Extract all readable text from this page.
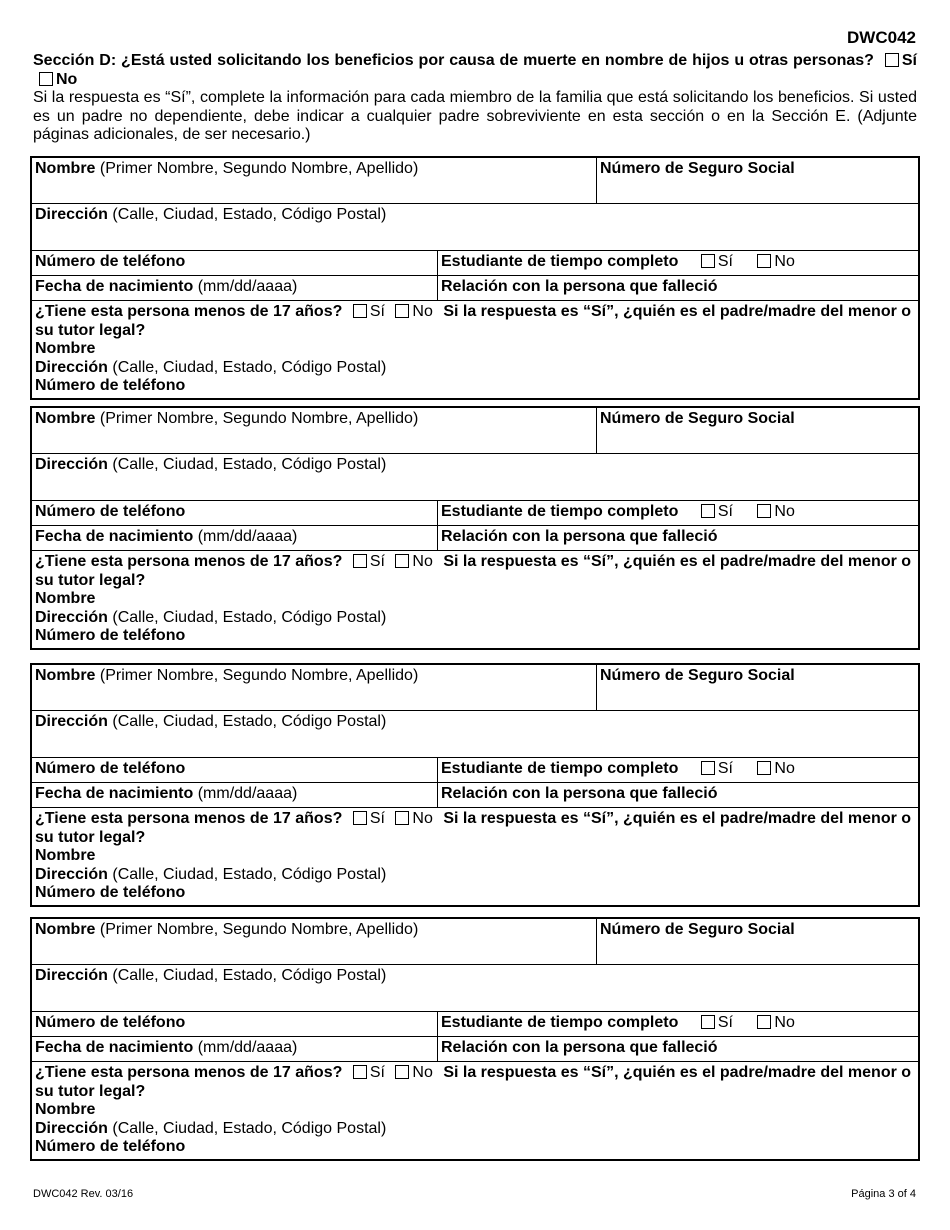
DWC042
Sección D: ¿Está usted solicitando los beneficios por causa de muerte en nombre de hijos u otras personas? Sí No
Si la respuesta es “Sí”, complete la información para cada miembro de la familia que está solicitando los beneficios. Si usted es un padre no dependiente, debe indicar a cualquier padre sobreviviente en esta sección o en la Sección E. (Adjunte páginas adicionales, de ser necesario.)
Nombre (Primer Nombre, Segundo Nombre, Apellido)	Número de Seguro Social
Dirección (Calle, Ciudad, Estado, Código Postal)
Número de teléfono	Estudiante de tiempo completo Sí	No
Fecha de nacimiento (mm/dd/aaaa)	Relación con la persona que falleció
¿Tiene esta persona menos de 17 años? Sí No Si la respuesta es “Sí”, ¿quién es el padre/madre del menor o su tutor legal?
Nombre
Dirección (Calle, Ciudad, Estado, Código Postal)
Número de teléfono
Nombre (Primer Nombre, Segundo Nombre, Apellido)	Número de Seguro Social
Dirección (Calle, Ciudad, Estado, Código Postal)
Número de teléfono	Estudiante de tiempo completo Sí	No
Fecha de nacimiento (mm/dd/aaaa)	Relación con la persona que falleció
¿Tiene esta persona menos de 17 años? Sí No Si la respuesta es “Sí”, ¿quién es el padre/madre del menor o su tutor legal?
Nombre
Dirección (Calle, Ciudad, Estado, Código Postal)
Número de teléfono
Nombre (Primer Nombre, Segundo Nombre, Apellido)	Número de Seguro Social
Dirección (Calle, Ciudad, Estado, Código Postal)
Número de teléfono	Estudiante de tiempo completo Sí	No
Fecha de nacimiento (mm/dd/aaaa)	Relación con la persona que falleció
¿Tiene esta persona menos de 17 años? Sí No Si la respuesta es “Sí”, ¿quién es el padre/madre del menor o su tutor legal?
Nombre
Dirección (Calle, Ciudad, Estado, Código Postal)
Número de teléfono
Nombre (Primer Nombre, Segundo Nombre, Apellido)	Número de Seguro Social
Dirección (Calle, Ciudad, Estado, Código Postal)
Número de teléfono	Estudiante de tiempo completo Sí	No
Fecha de nacimiento (mm/dd/aaaa)	Relación con la persona que falleció
¿Tiene esta persona menos de 17 años? Sí No Si la respuesta es “Sí”, ¿quién es el padre/madre del menor o su tutor legal?
Nombre
Dirección (Calle, Ciudad, Estado, Código Postal)
Número de teléfono
DWC042 Rev. 03/16	Página 3 of 4
